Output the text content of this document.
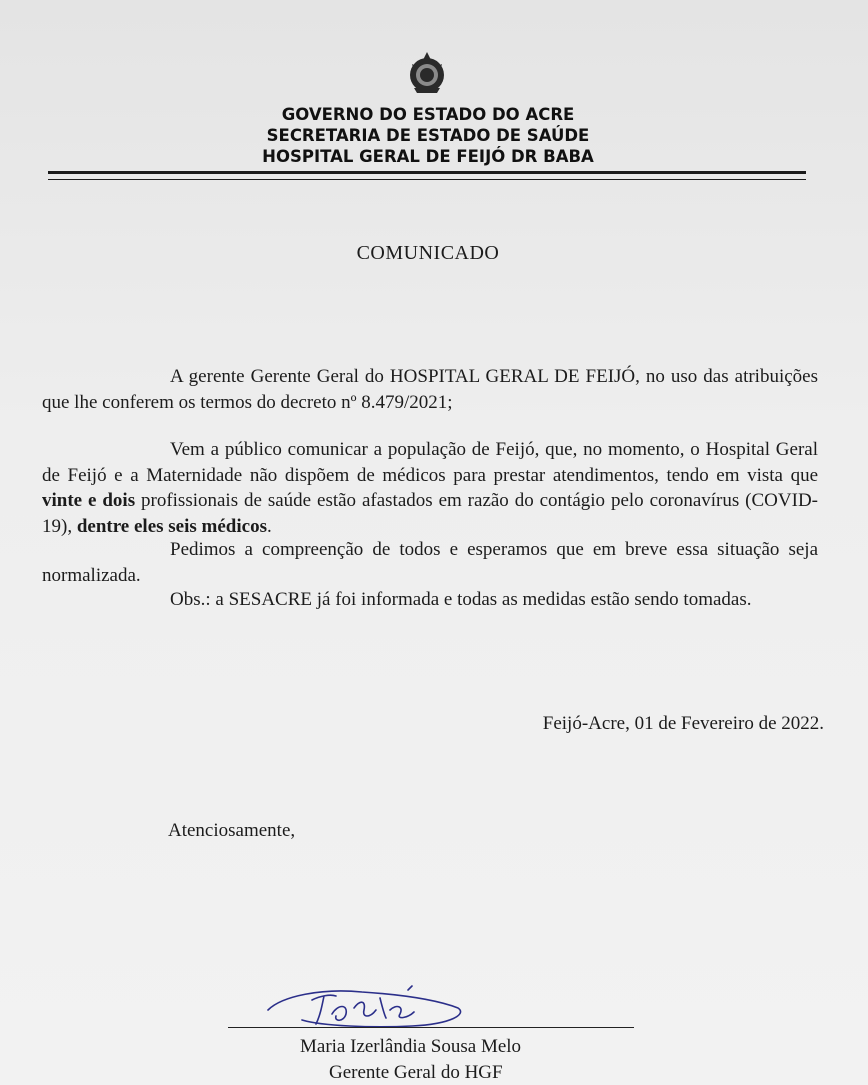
GOVERNO DO ESTADO DO ACRE
SECRETARIA DE ESTADO DE SAÚDE
HOSPITAL GERAL DE FEIJÓ DR BABA
COMUNICADO
A gerente Gerente Geral do HOSPITAL GERAL DE FEIJÓ, no uso das atribuições que lhe conferem os termos do decreto nº 8.479/2021;
Vem a público comunicar a população de Feijó, que, no momento, o Hospital Geral de Feijó e a Maternidade não dispõem de médicos para prestar atendimentos, tendo em vista que vinte e dois profissionais de saúde estão afastados em razão do contágio pelo coronavírus (COVID-19), dentre eles seis médicos.
Pedimos a compreenção de todos e esperamos que em breve essa situação seja normalizada.
Obs.: a SESACRE já foi informada e todas as medidas estão sendo tomadas.
Feijó-Acre, 01 de Fevereiro de 2022.
Atenciosamente,
Maria Izerlândia Sousa Melo
Gerente Geral do HGF
